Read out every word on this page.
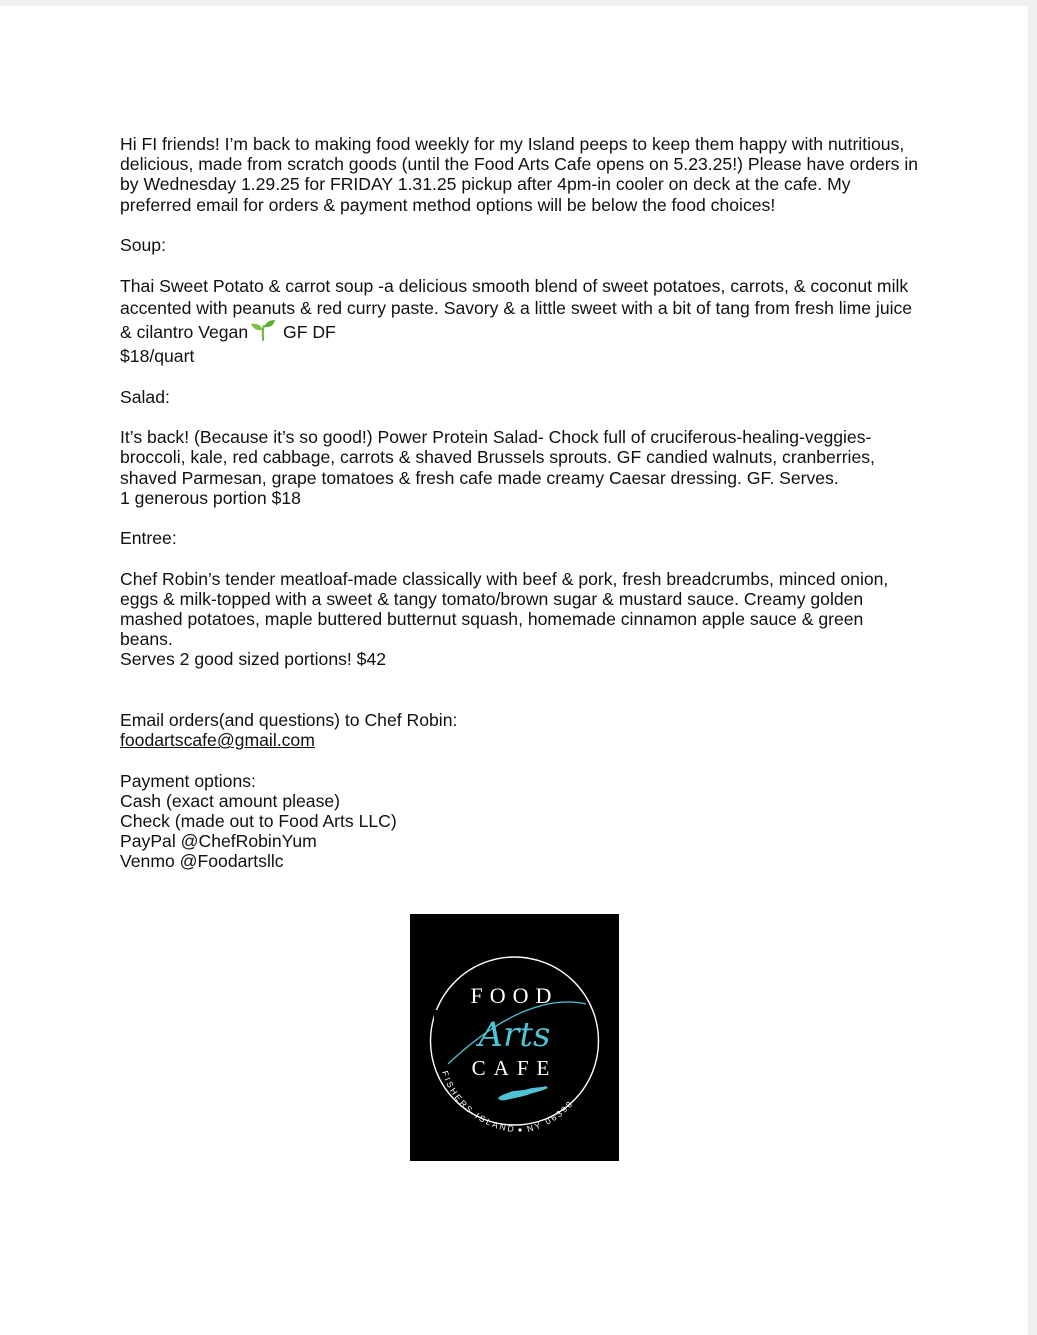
Hi FI friends! I’m back to making food weekly for my Island peeps to keep them happy with nutritious, delicious, made from scratch goods (until the Food Arts Cafe opens on 5.23.25!) Please have orders in by Wednesday 1.29.25 for FRIDAY 1.31.25 pickup after 4pm-in cooler on deck at the cafe. My preferred email for orders & payment method options will be below the food choices!

Soup:

Thai Sweet Potato & carrot soup -a delicious smooth blend of sweet potatoes, carrots, & coconut milk accented with peanuts & red curry paste. Savory & a little sweet with a bit of tang from fresh lime juice & cilantro Vegan GF DF

$18/quart

Salad:

It’s back! (Because it’s so good!) Power Protein Salad- Chock full of cruciferous-healing-veggies-broccoli, kale, red cabbage, carrots & shaved Brussels sprouts. GF candied walnuts, cranberries, shaved Parmesan, grape tomatoes & fresh cafe made creamy Caesar dressing. GF. Serves.

1 generous portion $18

Entree:

Chef Robin’s tender meatloaf-made classically with beef & pork, fresh breadcrumbs, minced onion, eggs & milk-topped with a sweet & tangy tomato/brown sugar & mustard sauce. Creamy golden mashed potatoes, maple buttered butternut squash, homemade cinnamon apple sauce & green beans.

Serves 2 good sized portions! $42

Email orders(and questions) to Chef Robin:

foodartscafe@gmail.com

Payment options:

Cash (exact amount please)

Check (made out to Food Arts LLC)

PayPal @ChefRobinYum

Venmo @Foodartsllc

FOOD
Arts
CAFE
FISHERS ISLAND NY 06390
